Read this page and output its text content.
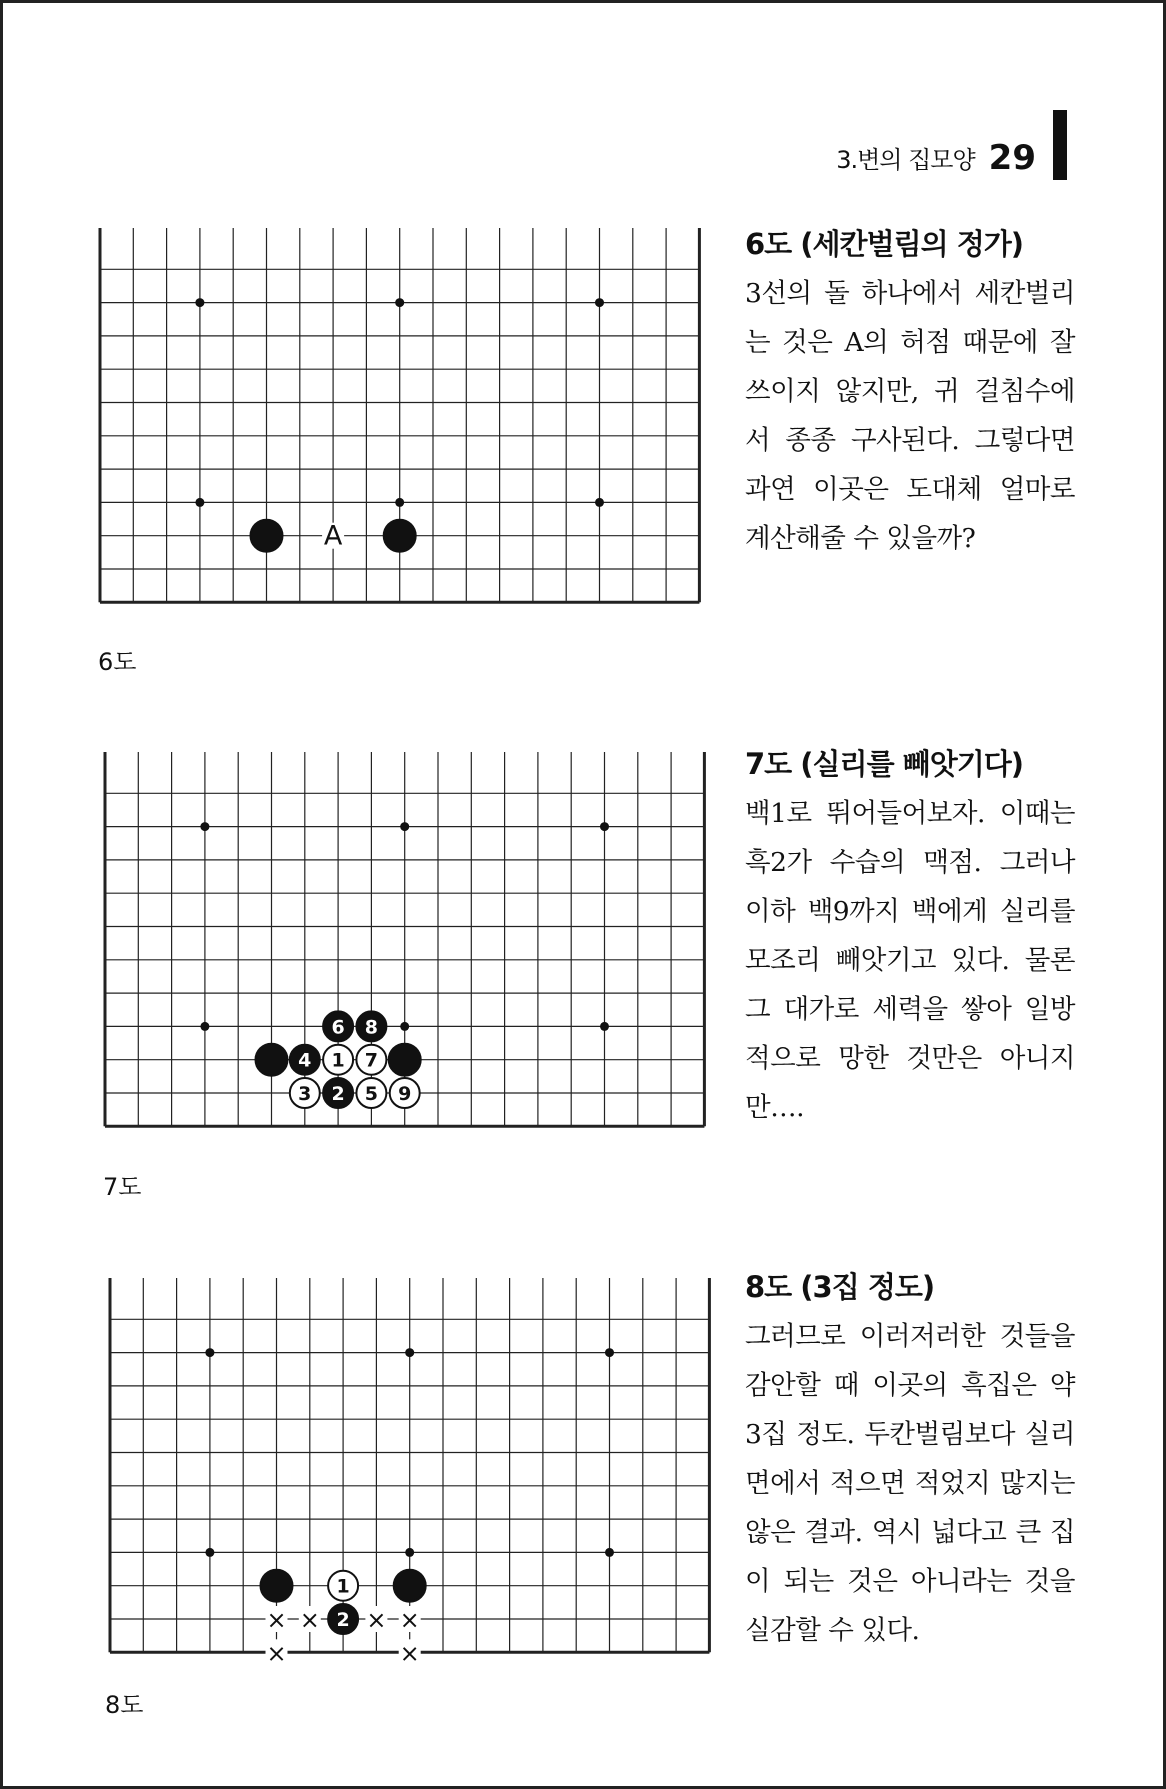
3.변의 집모양 29
A
6도
6도 (세칸벌림의 정가)

3선의 돌 하나에서 세칸벌리는 것은 A의 허점 때문에 잘 쓰이지 않지만, 귀 걸침수에서 종종 구사된다. 그렇다면 과연 이곳은 도대체 얼마로 계산해줄 수 있을까?

4 1 7
6 8
3 2 5 9
7도
7도 (실리를 빼앗기다)

백1로 뛰어들어보자. 이때는 흑2가 수습의 맥점. 그러나 이하 백9까지 백에게 실리를 모조리 빼앗기고 있다. 물론 그 대가로 세력을 쌓아 일방적으로 망한 것만은 아니지만….

× × × ×
×	×
1
2
8도
8도 (3집 정도)

그러므로 이러저러한 것들을 감안할 때 이곳의 흑집은 약 3집 정도. 두칸벌림보다 실리면에서 적으면 적었지 많지는 않은 결과. 역시 넓다고 큰 집이 되는 것은 아니라는 것을 실감할 수 있다.
